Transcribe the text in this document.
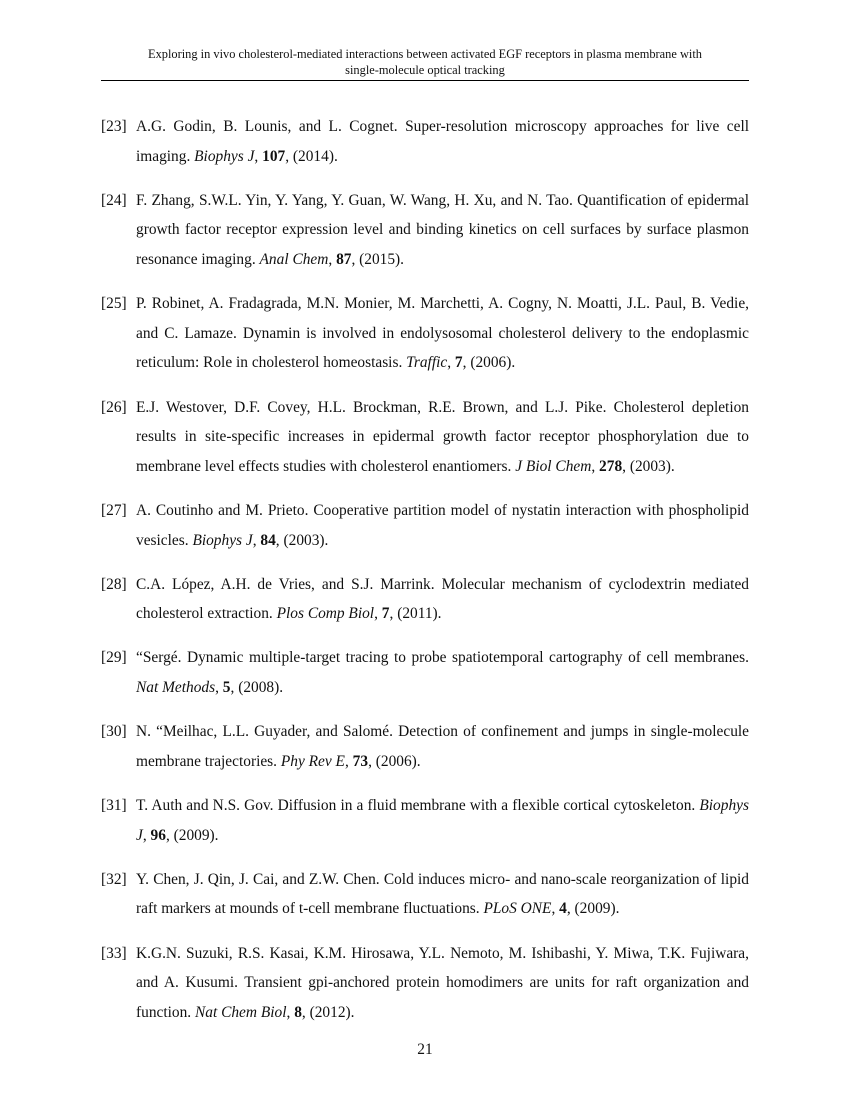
Exploring in vivo cholesterol-mediated interactions between activated EGF receptors in plasma membrane with
single-molecule optical tracking
[23] A.G. Godin, B. Lounis, and L. Cognet. Super-resolution microscopy approaches for live cell imaging. Biophys J, 107, (2014).
[24] F. Zhang, S.W.L. Yin, Y. Yang, Y. Guan, W. Wang, H. Xu, and N. Tao. Quantification of epidermal growth factor receptor expression level and binding kinetics on cell surfaces by surface plasmon resonance imaging. Anal Chem, 87, (2015).
[25] P. Robinet, A. Fradagrada, M.N. Monier, M. Marchetti, A. Cogny, N. Moatti, J.L. Paul, B. Vedie, and C. Lamaze. Dynamin is involved in endolysosomal cholesterol delivery to the endoplasmic reticulum: Role in cholesterol homeostasis. Traffic, 7, (2006).
[26] E.J. Westover, D.F. Covey, H.L. Brockman, R.E. Brown, and L.J. Pike. Cholesterol depletion results in site-specific increases in epidermal growth factor receptor phosphorylation due to membrane level effects studies with cholesterol enantiomers. J Biol Chem, 278, (2003).
[27] A. Coutinho and M. Prieto. Cooperative partition model of nystatin interaction with phospholipid vesicles. Biophys J, 84, (2003).
[28] C.A. López, A.H. de Vries, and S.J. Marrink. Molecular mechanism of cyclodextrin mediated cholesterol extraction. Plos Comp Biol, 7, (2011).
[29] “Sergé. Dynamic multiple-target tracing to probe spatiotemporal cartography of cell membranes. Nat Methods, 5, (2008).
[30] N. “Meilhac, L.L. Guyader, and Salomé. Detection of confinement and jumps in single-molecule membrane trajectories. Phy Rev E, 73, (2006).
[31] T. Auth and N.S. Gov. Diffusion in a fluid membrane with a flexible cortical cytoskeleton. Biophys J, 96, (2009).
[32] Y. Chen, J. Qin, J. Cai, and Z.W. Chen. Cold induces micro- and nano-scale reorganization of lipid raft markers at mounds of t-cell membrane fluctuations. PLoS ONE, 4, (2009).
[33] K.G.N. Suzuki, R.S. Kasai, K.M. Hirosawa, Y.L. Nemoto, M. Ishibashi, Y. Miwa, T.K. Fujiwara, and A. Kusumi. Transient gpi-anchored protein homodimers are units for raft organization and function. Nat Chem Biol, 8, (2012).
21
